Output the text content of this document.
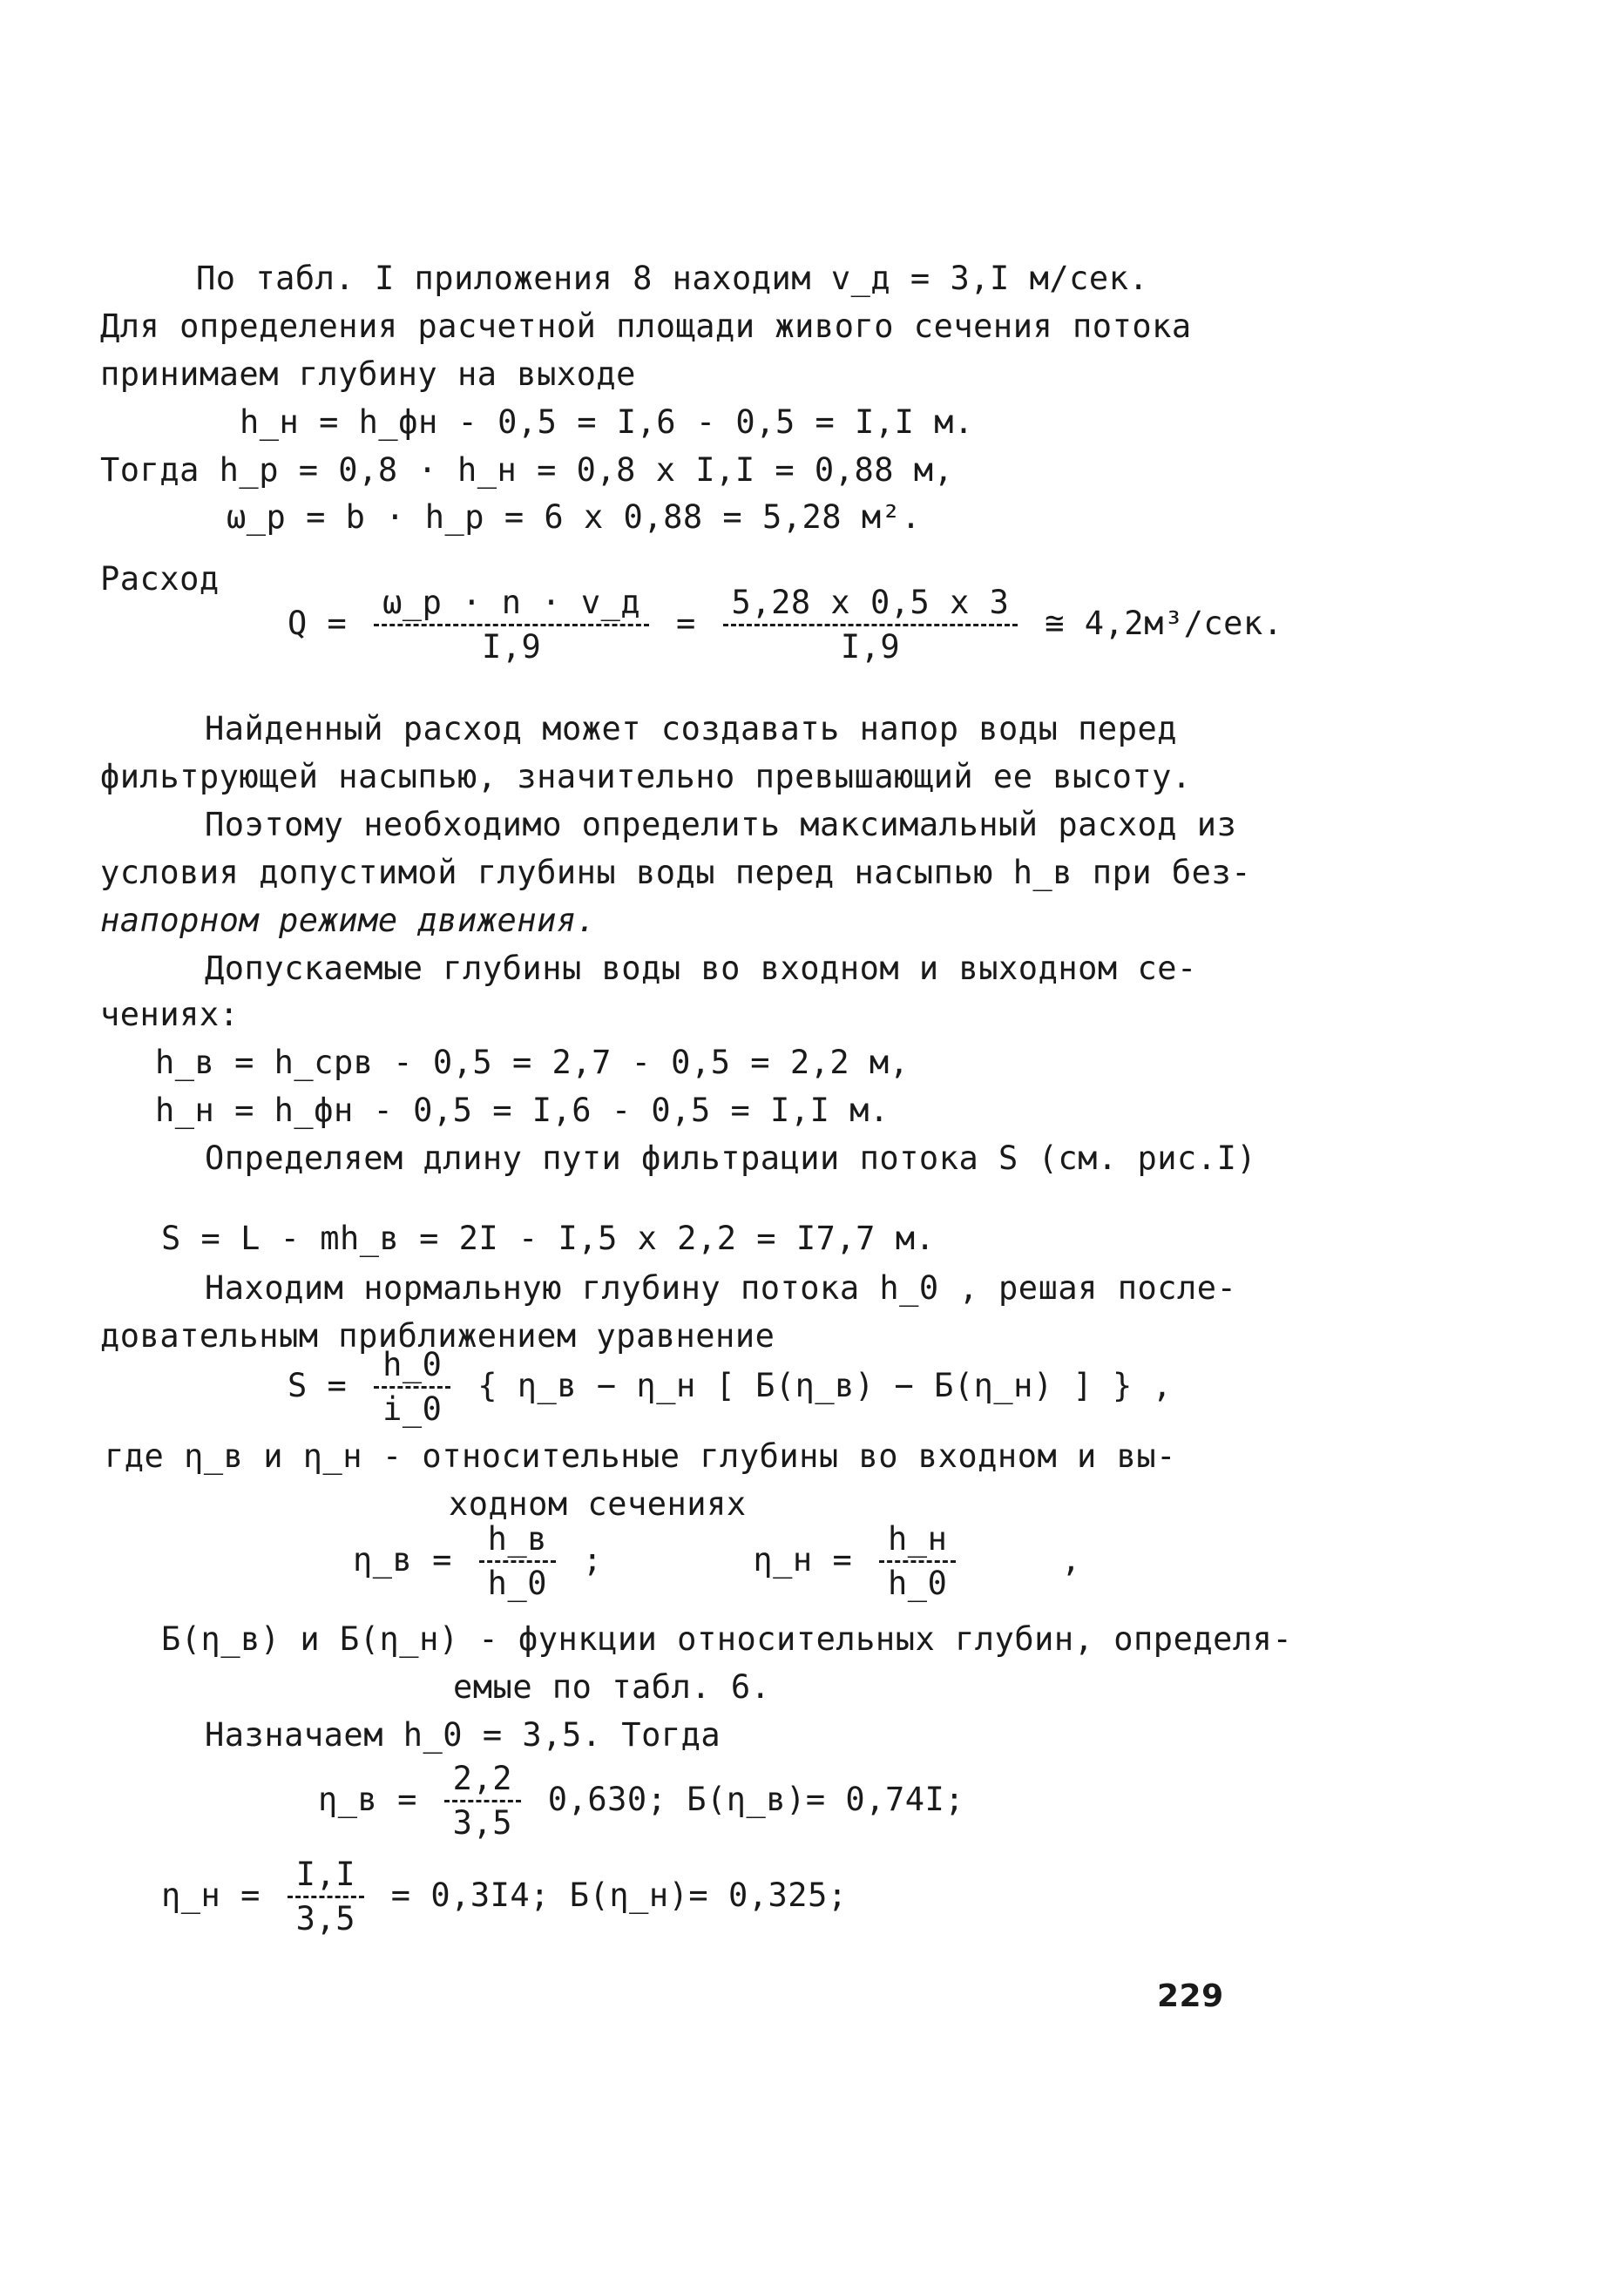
По табл. I приложения 8 находим v_д = 3,I м/сек.
Для определения расчетной площади живого сечения потока
принимаем глубину на выходе
h_н = h_фн - 0,5 = I,6 - 0,5 = I,I м.
Тогда h_р = 0,8 · h_н = 0,8 х I,I = 0,88 м,
ω_р = b · h_р = 6 х 0,88 = 5,28 м².
Расход
$Q = \frac{\omega\_р \cdot n \cdot v\_д}{I,9} = \frac{5,28 х 0,5 х 3}{I,9}$ ≅ 4,2м³/сек.
Найденный расход может создавать напор воды перед
фильтрующей насыпью, значительно превышающий ее высоту.
Поэтому необходимо определить максимальный расход из
условия допустимой глубины воды перед насыпью h_в при без-
напорном режиме движения.
Допускаемые глубины воды во входном и выходном се-
чениях:
h_в = h_срв - 0,5 = 2,7 - 0,5 = 2,2 м,
h_н = h_фн - 0,5 = I,6 - 0,5 = I,I м.
Определяем длину пути фильтрации потока S (см. рис.I)
S = L - mh_в = 2I - I,5 х 2,2 = I7,7 м.
Находим нормальную глубину потока h_0 , решая после-
довательным приближением уравнение
$S = \frac{h\_0}{i\_0}$ { η_в − η_н [ Б(η_в) − Б(η_н) ] } ,
где η_в и η_н - относительные глубины во входном и вы-
ходном сечениях
η_в = $\frac{h\_в}{h\_0}$ ;	η_н = $\frac{h\_н}{h\_0}$	,
Б(η_в) и Б(η_н) - функции относительных глубин, определя-
емые по табл. 6.
Назначаем h_0 = 3,5. Тогда
η_в = $\frac{2,2}{3,5} 0,630$; Б(η_в)= 0,74I;
η_н = $\frac{I,I}{3,5} = 0,3I4$; Б(η_н)= 0,325;
229
